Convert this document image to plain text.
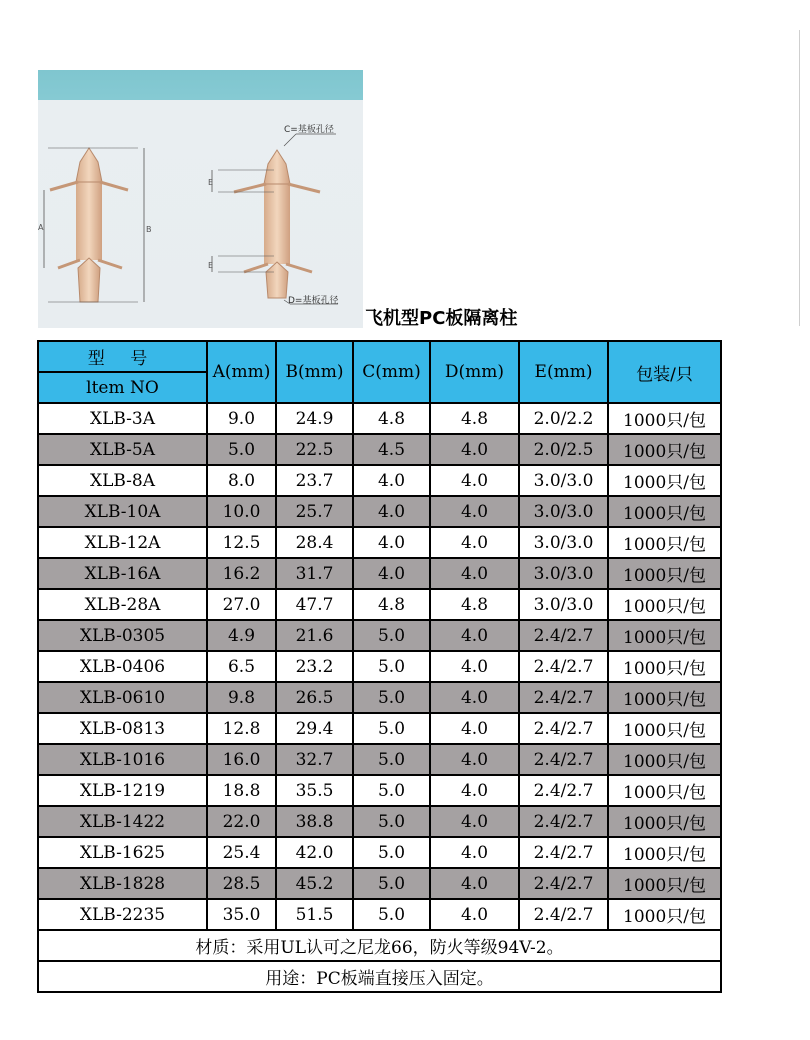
C=基板孔径
D=基板孔径
A	B
E
E
飞机型PC板隔离柱
型 号	A(mm)	B(mm)	C(mm)	D(mm)	E(mm)	包装/只
ltem NO						
XLB-3A	9.0	24.9	4.8	4.8	2.0/2.2	1000只/包
XLB-5A	5.0	22.5	4.5	4.0	2.0/2.5	1000只/包
XLB-8A	8.0	23.7	4.0	4.0	3.0/3.0	1000只/包
XLB-10A	10.0	25.7	4.0	4.0	3.0/3.0	1000只/包
XLB-12A	12.5	28.4	4.0	4.0	3.0/3.0	1000只/包
XLB-16A	16.2	31.7	4.0	4.0	3.0/3.0	1000只/包
XLB-28A	27.0	47.7	4.8	4.8	3.0/3.0	1000只/包
XLB-0305	4.9	21.6	5.0	4.0	2.4/2.7	1000只/包
XLB-0406	6.5	23.2	5.0	4.0	2.4/2.7	1000只/包
XLB-0610	9.8	26.5	5.0	4.0	2.4/2.7	1000只/包
XLB-0813	12.8	29.4	5.0	4.0	2.4/2.7	1000只/包
XLB-1016	16.0	32.7	5.0	4.0	2.4/2.7	1000只/包
XLB-1219	18.8	35.5	5.0	4.0	2.4/2.7	1000只/包
XLB-1422	22.0	38.8	5.0	4.0	2.4/2.7	1000只/包
XLB-1625	25.4	42.0	5.0	4.0	2.4/2.7	1000只/包
XLB-1828	28.5	45.2	5.0	4.0	2.4/2.7	1000只/包
XLB-2235	35.0	51.5	5.0	4.0	2.4/2.7	1000只/包
材质：采用UL认可之尼龙66，防火等级94V-2。						
用途：PC板端直接压入固定。						
